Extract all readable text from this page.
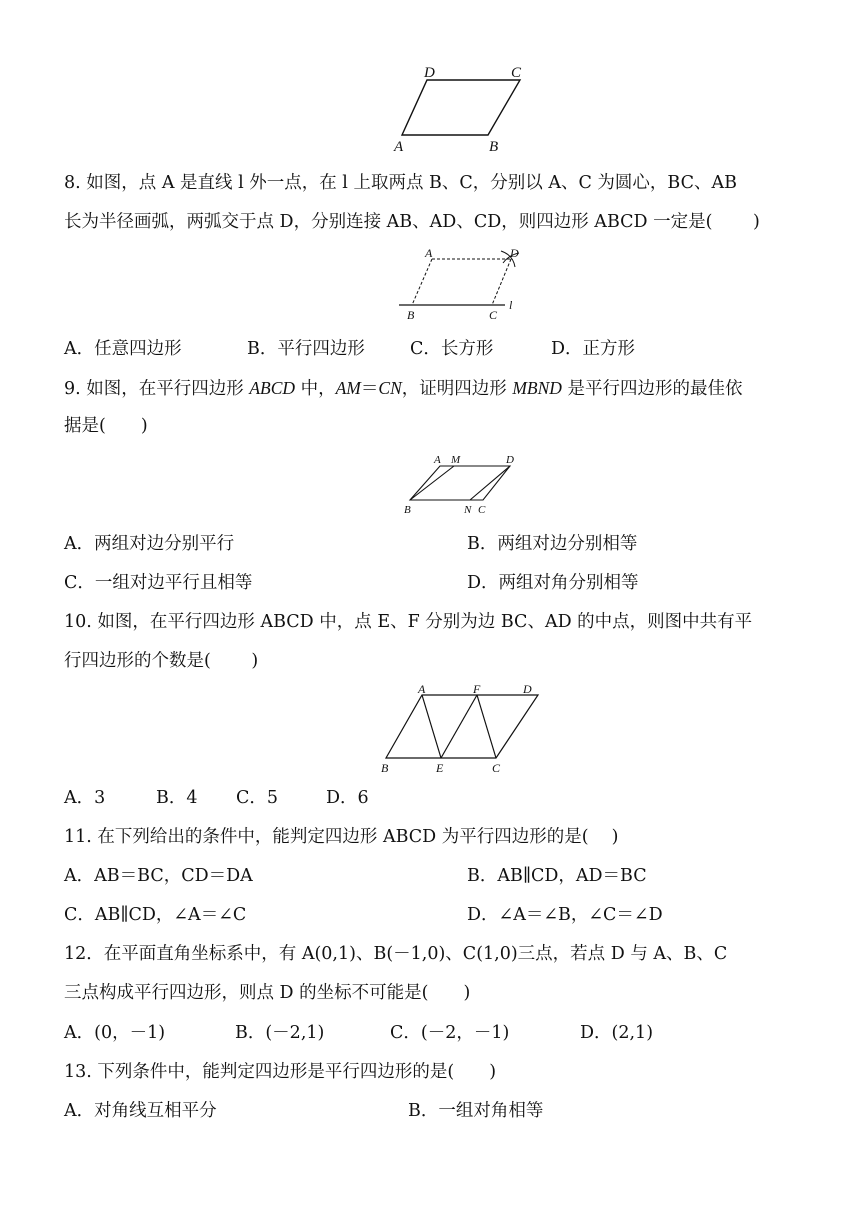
D	C
A	B
8. 如图，点 A 是直线 l 外一点，在 l 上取两点 B、C，分别以 A、C 为圆心，BC、AB
长为半径画弧，两弧交于点 D，分别连接 AB、AD、CD，则四边形 ABCD 一定是(　　 )
A	D
B	C
l
A．任意四边形	B．平行四边形	C．长方形	D．正方形
9. 如图，在平行四边形 ABCD 中，AM＝CN，证明四边形 MBND 是平行四边形的最佳依
据是(　　)
A M	D
B	N C
A．两组对边分别平行	B．两组对边分别相等
C．一组对边平行且相等	D．两组对角分别相等
10. 如图，在平行四边形 ABCD 中，点 E、F 分别为边 BC、AD 的中点，则图中共有平
行四边形的个数是(　　 )
A	F	D
B	E	C
A．3	B．4 C．5	D．6
11. 在下列给出的条件中，能判定四边形 ABCD 为平行四边形的是(　 )
A．AB＝BC，CD＝DA	B．AB∥CD，AD＝BC
C．AB∥CD，∠A＝∠C	D．∠A＝∠B，∠C＝∠D
12．在平面直角坐标系中，有 A(0,1)、B(－1,0)、C(1,0)三点，若点 D 与 A、B、C
三点构成平行四边形，则点 D 的坐标不可能是(　　)
A．(0，－1)	B．(－2,1)	C．(－2，－1)	D．(2,1)
13. 下列条件中，能判定四边形是平行四边形的是(　　)
A．对角线互相平分	B．一组对角相等
